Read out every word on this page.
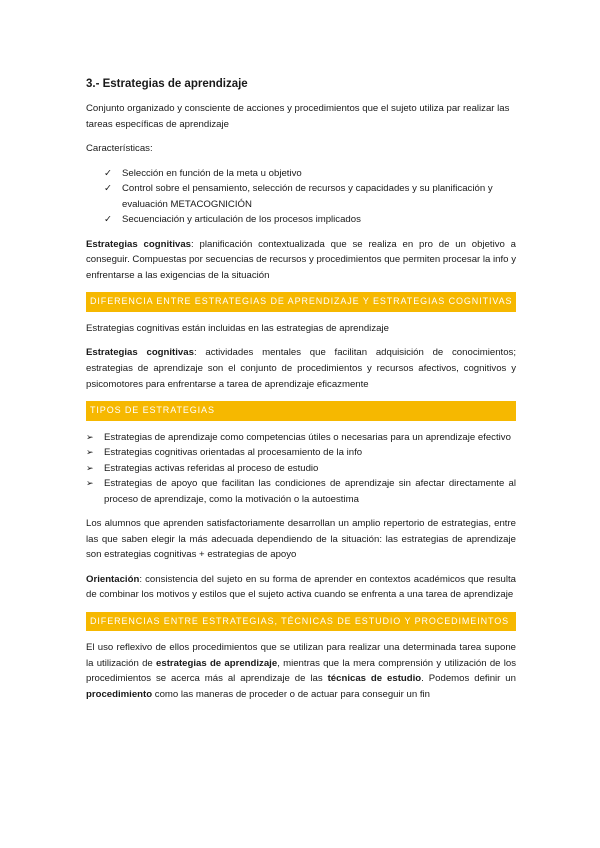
3.- Estrategias de aprendizaje

Conjunto organizado y consciente de acciones y procedimientos que el sujeto utiliza par realizar las tareas específicas de aprendizaje

Características:

✓ Selección en función de la meta u objetivo
✓ Control sobre el pensamiento, selección de recursos y capacidades y su planificación y evaluación METACOGNICIÓN
✓ Secuenciación y articulación de los procesos implicados

Estrategias cognitivas: planificación contextualizada que se realiza en pro de un objetivo a conseguir. Compuestas por secuencias de recursos y procedimientos que permiten procesar la info y enfrentarse a las exigencias de la situación

DIFERENCIA ENTRE ESTRATEGIAS DE APRENDIZAJE Y ESTRATEGIAS COGNITIVAS

Estrategias cognitivas están incluidas en las estrategias de aprendizaje

Estrategias cognitivas: actividades mentales que facilitan adquisición de conocimientos; estrategias de aprendizaje son el conjunto de procedimientos y recursos afectivos, cognitivos y psicomotores para enfrentarse a tarea de aprendizaje eficazmente

TIPOS DE ESTRATEGIAS
➢ Estrategias de aprendizaje como competencias útiles o necesarias para un aprendizaje efectivo
➢ Estrategias cognitivas orientadas al procesamiento de la info
➢ Estrategias activas referidas al proceso de estudio
➢ Estrategias de apoyo que facilitan las condiciones de aprendizaje sin afectar directamente al proceso de aprendizaje, como la motivación o la autoestima

Los alumnos que aprenden satisfactoriamente desarrollan un amplio repertorio de estrategias, entre las que saben elegir la más adecuada dependiendo de la situación: las estrategias de aprendizaje son estrategias cognitivas + estrategias de apoyo

Orientación: consistencia del sujeto en su forma de aprender en contextos académicos que resulta de combinar los motivos y estilos que el sujeto activa cuando se enfrenta a una tarea de aprendizaje

DIFERENCIAS ENTRE ESTRATEGIAS, TÉCNICAS DE ESTUDIO Y PROCEDIMEINTOS

El uso reflexivo de ellos procedimientos que se utilizan para realizar una determinada tarea supone la utilización de estrategias de aprendizaje, mientras que la mera comprensión y utilización de los procedimientos se acerca más al aprendizaje de las técnicas de estudio. Podemos definir un procedimiento como las maneras de proceder o de actuar para conseguir un fin
